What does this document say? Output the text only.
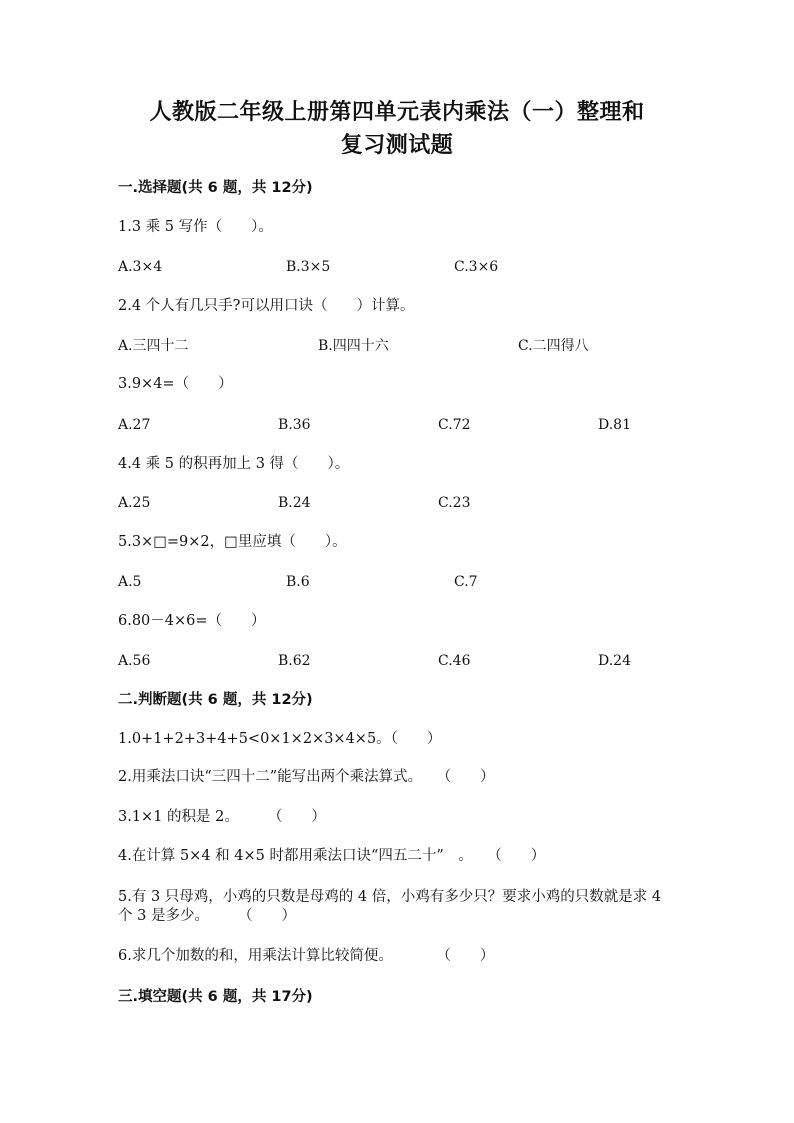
人教版二年级上册第四单元表内乘法（一）整理和
复习测试题
一.选择题(共 6 题，共 12分)
1.3 乘 5 写作（　　）。
A.3×4	B.3×5	C.3×6
2.4 个人有几只手?可以用口诀（　　）计算。
A.三四十二	B.四四十六	C.二四得八
3.9×4=（　　）
A.27	B.36	C.72	D.81
4.4 乘 5 的积再加上 3 得（　　）。
A.25	B.24	C.23
5.3×□=9×2，□里应填（　　）。
A.5	B.6	C.7
6.80－4×6=（　　）
A.56	B.62	C.46	D.24
二.判断题(共 6 题，共 12分)
1.0+1+2+3+4+5<0×1×2×3×4×5。（　　）
2.用乘法口诀“三四十二”能写出两个乘法算式。　　（　　）
3.1×1 的积是 2。　　　（　　）
4.在计算 5×4 和 4×5 时都用乘法口诀“四五二十”　。　　（　　）
5.有 3 只母鸡，小鸡的只数是母鸡的 4 倍，小鸡有多少只？要求小鸡的只数就是求 4 个 3 是多少。　　　（　　）
6.求几个加数的和，用乘法计算比较简便。　　　　（　　）
三.填空题(共 6 题，共 17分)
